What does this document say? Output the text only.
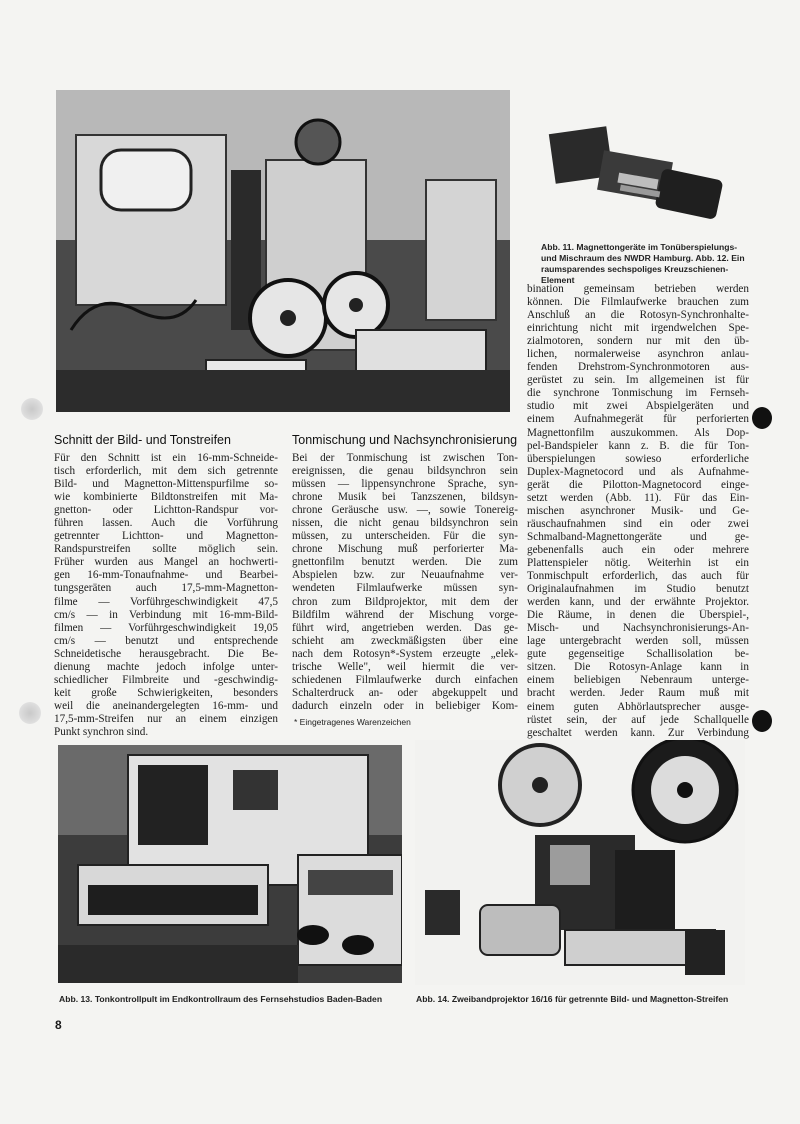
Abb. 11. Magnettongeräte im Tonüberspielungs-
und Mischraum des NWDR Hamburg. Abb. 12. Ein
raumsparendes sechspoliges Kreuzschienen-Element
Schnitt der Bild- und Tonstreifen
Für den Schnitt ist ein 16-mm-Schneide-
tisch erforderlich, mit dem sich getrennte
Bild- und Magnetton-Mittenspurfilme so-
wie kombinierte Bildtonstreifen mit Ma-
gnetton- oder Lichtton-Randspur vor-
führen lassen. Auch die Vorführung
getrennter Lichtton- und Magnetton-
Randspurstreifen sollte möglich sein.
Früher wurden aus Mangel an hochwerti-
gen 16-mm-Tonaufnahme- und Bearbei-
tungsgeräten auch 17,5-mm-Magnetton-
filme — Vorführgeschwindigkeit 47,5
cm/s — in Verbindung mit 16-mm-Bild-
filmen — Vorführgeschwindigkeit 19,05
cm/s — benutzt und entsprechende
Schneidetische herausgebracht. Die Be-
dienung machte jedoch infolge unter-
schiedlicher Filmbreite und -geschwindig-
keit große Schwierigkeiten, besonders
weil die aneinandergelegten 16-mm- und
17,5-mm-Streifen nur an einem einzigen
Punkt synchron sind.
Tonmischung und Nachsynchronisierung
Bei der Tonmischung ist zwischen Ton-
ereignissen, die genau bildsynchron sein
müssen — lippensynchrone Sprache, syn-
chrone Musik bei Tanzszenen, bildsyn-
chrone Geräusche usw. —, sowie Tonereig-
nissen, die nicht genau bildsynchron sein
müssen, zu unterscheiden. Für die syn-
chrone Mischung muß perforierter Ma-
gnettonfilm benutzt werden. Die zum
Abspielen bzw. zur Neuaufnahme ver-
wendeten Filmlaufwerke müssen syn-
chron zum Bildprojektor, mit dem der
Bildfilm während der Mischung vorge-
führt wird, angetrieben werden. Das ge-
schieht am zweckmäßigsten über eine
nach dem Rotosyn*-System erzeugte „elek-
trische Welle", weil hiermit die ver-
schiedenen Filmlaufwerke durch einfachen
Schalterdruck an- oder abgekuppelt und
dadurch einzeln oder in beliebiger Kom-
* Eingetragenes Warenzeichen
bination gemeinsam betrieben werden
können. Die Filmlaufwerke brauchen zum
Anschluß an die Rotosyn-Synchronhalte-
einrichtung nicht mit irgendwelchen Spe-
zialmotoren, sondern nur mit den üb-
lichen, normalerweise asynchron anlau-
fenden Drehstrom-Synchronmotoren aus-
gerüstet zu sein. Im allgemeinen ist für
die synchrone Tonmischung im Fernseh-
studio mit zwei Abspielgeräten und
einem Aufnahmegerät für perforierten
Magnettonfilm auszukommen. Als Dop-
pel-Bandspieler kann z. B. die für Ton-
überspielungen sowieso erforderliche
Duplex-Magnetocord und als Aufnahme-
gerät die Pilotton-Magnetocord einge-
setzt werden (Abb. 11). Für das Ein-
mischen asynchroner Musik- und Ge-
räuschaufnahmen sind ein oder zwei
Schmalband-Magnettongeräte und ge-
gebenenfalls auch ein oder mehrere
Plattenspieler nötig. Weiterhin ist ein
Tonmischpult erforderlich, das auch für
Originalaufnahmen im Studio benutzt
werden kann, und der erwähnte Projektor.
Die Räume, in denen die Überspiel-,
Misch- und Nachsynchronisierungs-An-
lage untergebracht werden soll, müssen
gute gegenseitige Schallisolation be-
sitzen. Die Rotosyn-Anlage kann in
einem beliebigen Nebenraum unterge-
bracht werden. Jeder Raum muß mit
einem guten Abhörlautsprecher ausge-
rüstet sein, der auf jede Schallquelle
geschaltet werden kann. Zur Verbindung
Abb. 13. Tonkontrollpult im Endkontrollraum des Fernsehstudios Baden-Baden	Abb. 14. Zweibandprojektor 16/16 für getrennte Bild- und Magnetton-Streifen
8
